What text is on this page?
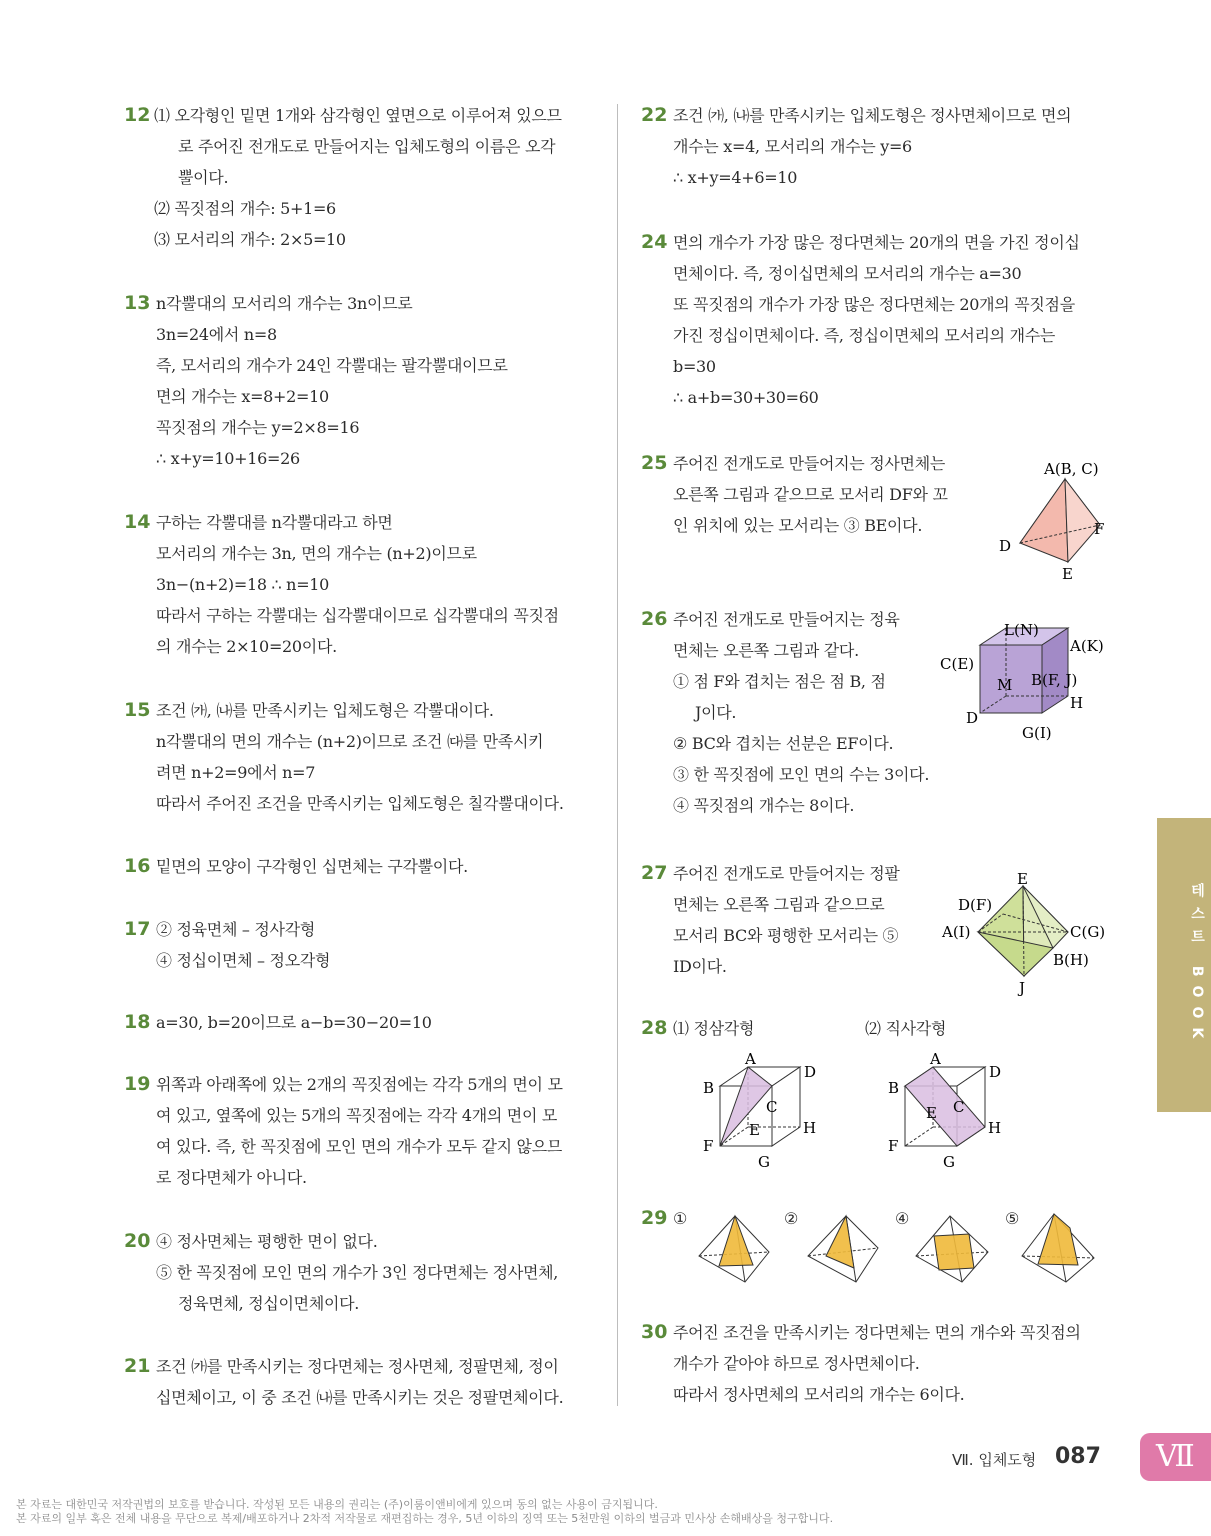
12 ⑴ 오각형인 밑면 1개와 삼각형인 옆면으로 이루어져 있으므
로 주어진 전개도로 만들어지는 입체도형의 이름은 오각
뿔이다.
⑵ 꼭짓점의 개수: 5+1=6
⑶ 모서리의 개수: 2×5=10
13 n각뿔대의 모서리의 개수는 3n이므로
3n=24에서 n=8
즉, 모서리의 개수가 24인 각뿔대는 팔각뿔대이므로
면의 개수는 x=8+2=10
꼭짓점의 개수는 y=2×8=16
∴ x+y=10+16=26
14 구하는 각뿔대를 n각뿔대라고 하면
모서리의 개수는 3n, 면의 개수는 (n+2)이므로
3n−(n+2)=18 ∴ n=10
따라서 구하는 각뿔대는 십각뿔대이므로 십각뿔대의 꼭짓점
의 개수는 2×10=20이다.
15 조건 ㈎, ㈏를 만족시키는 입체도형은 각뿔대이다.
n각뿔대의 면의 개수는 (n+2)이므로 조건 ㈐를 만족시키
려면 n+2=9에서 n=7
따라서 주어진 조건을 만족시키는 입체도형은 칠각뿔대이다.
16 밑면의 모양이 구각형인 십면체는 구각뿔이다.
17 ② 정육면체 – 정사각형
④ 정십이면체 – 정오각형
18 a=30, b=20이므로 a−b=30−20=10
19 위쪽과 아래쪽에 있는 2개의 꼭짓점에는 각각 5개의 면이 모
여 있고, 옆쪽에 있는 5개의 꼭짓점에는 각각 4개의 면이 모
여 있다. 즉, 한 꼭짓점에 모인 면의 개수가 모두 같지 않으므
로 정다면체가 아니다.
20 ④ 정사면체는 평행한 면이 없다.
⑤ 한 꼭짓점에 모인 면의 개수가 3인 정다면체는 정사면체,
정육면체, 정십이면체이다.
21 조건 ㈎를 만족시키는 정다면체는 정사면체, 정팔면체, 정이
십면체이고, 이 중 조건 ㈏를 만족시키는 것은 정팔면체이다.
22 조건 ㈎, ㈏를 만족시키는 입체도형은 정사면체이므로 면의
개수는 x=4, 모서리의 개수는 y=6
∴ x+y=4+6=10
24 면의 개수가 가장 많은 정다면체는 20개의 면을 가진 정이십
면체이다. 즉, 정이십면체의 모서리의 개수는 a=30
또 꼭짓점의 개수가 가장 많은 정다면체는 20개의 꼭짓점을
가진 정십이면체이다. 즉, 정십이면체의 모서리의 개수는
b=30
∴ a+b=30+30=60
25 주어진 전개도로 만들어지는 정사면체는
오른쪽 그림과 같으므로 모서리 DF와 꼬
인 위치에 있는 모서리는 ③ BE이다.
A(B, C)
D
F
E
26 주어진 전개도로 만들어지는 정육
면체는 오른쪽 그림과 같다.
① 점 F와 겹치는 점은 점 B, 점
J이다.
② BC와 겹치는 선분은 EF이다.
③ 한 꼭짓점에 모인 면의 수는 3이다.
④ 꼭짓점의 개수는 8이다.
L(N)
A(K)
C(E)
M B(F, J)
H
D
G(I)
27 주어진 전개도로 만들어지는 정팔
면체는 오른쪽 그림과 같으므로
모서리 BC와 평행한 모서리는 ⑤
ID이다.
E
D(F)
A(I)	C(G)
B(H)
J
28 ⑴ 정삼각형	⑵ 직사각형
A
B
C
D
E	H
F
G
A
B
C
D
E
H
F
G
29 ①	②	④	⑤
30 주어진 조건을 만족시키는 정다면체는 면의 개수와 꼭짓점의
개수가 같아야 하므로 정사면체이다.
따라서 정사면체의 모서리의 개수는 6이다.
테스트 BOOK
Ⅶ. 입체도형 087 Ⅶ
본 자료는 대한민국 저작권법의 보호를 받습니다. 작성된 모든 내용의 권리는 (주)이룸이앤비에게 있으며 동의 없는 사용이 금지됩니다.
본 자료의 일부 혹은 전체 내용을 무단으로 복제/배포하거나 2차적 저작물로 재편집하는 경우, 5년 이하의 징역 또는 5천만원 이하의 벌금과 민사상 손해배상을 청구합니다.
